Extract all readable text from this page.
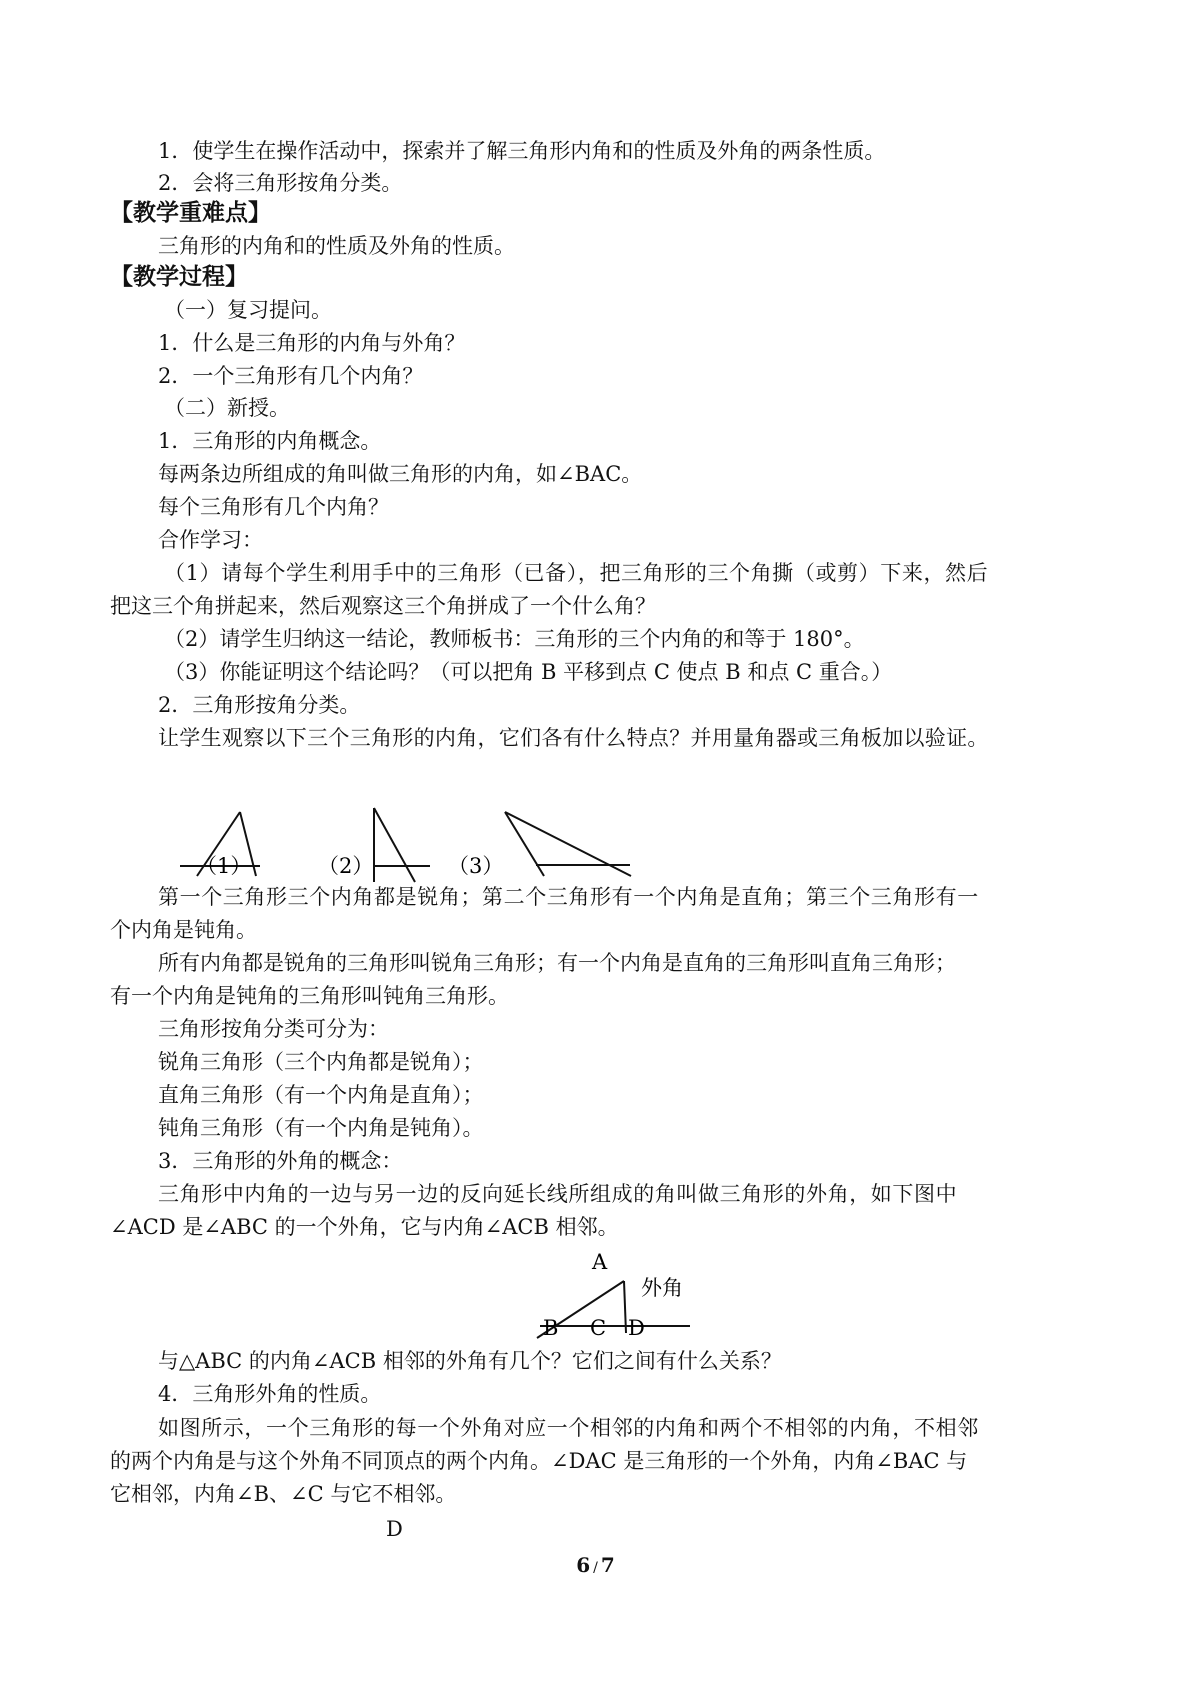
1．使学生在操作活动中，探索并了解三角形内角和的性质及外角的两条性质。
2．会将三角形按角分类。
【教学重难点】
三角形的内角和的性质及外角的性质。
【教学过程】
（一）复习提问。
1．什么是三角形的内角与外角？
2．一个三角形有几个内角？
（二）新授。
1．三角形的内角概念。
每两条边所组成的角叫做三角形的内角，如∠BAC。
每个三角形有几个内角？
合作学习：
（1）请每个学生利用手中的三角形（已备），把三角形的三个角撕（或剪）下来，然后
把这三个角拼起来，然后观察这三个角拼成了一个什么角？
（2）请学生归纳这一结论，教师板书：三角形的三个内角的和等于 180°。
（3）你能证明这个结论吗？（可以把角 B 平移到点 C 使点 B 和点 C 重合。）
2．三角形按角分类。
让学生观察以下三个三角形的内角，它们各有什么特点？并用量角器或三角板加以验证。
（1）	（2）	（3）
第一个三角形三个内角都是锐角；第二个三角形有一个内角是直角；第三个三角形有一
个内角是钝角。
所有内角都是锐角的三角形叫锐角三角形；有一个内角是直角的三角形叫直角三角形；
有一个内角是钝角的三角形叫钝角三角形。
三角形按角分类可分为：
锐角三角形（三个内角都是锐角）；
直角三角形（有一个内角是直角）；
钝角三角形（有一个内角是钝角）。
3．三角形的外角的概念：
三角形中内角的一边与另一边的反向延长线所组成的角叫做三角形的外角，如下图中
∠ACD 是∠ABC 的一个外角，它与内角∠ACB 相邻。
A
外角
B C D
与△ABC 的内角∠ACB 相邻的外角有几个？它们之间有什么关系？
4．三角形外角的性质。
如图所示，一个三角形的每一个外角对应一个相邻的内角和两个不相邻的内角，不相邻
的两个内角是与这个外角不同顶点的两个内角。∠DAC 是三角形的一个外角，内角∠BAC 与
它相邻，内角∠B、∠C 与它不相邻。
D
6 / 7
